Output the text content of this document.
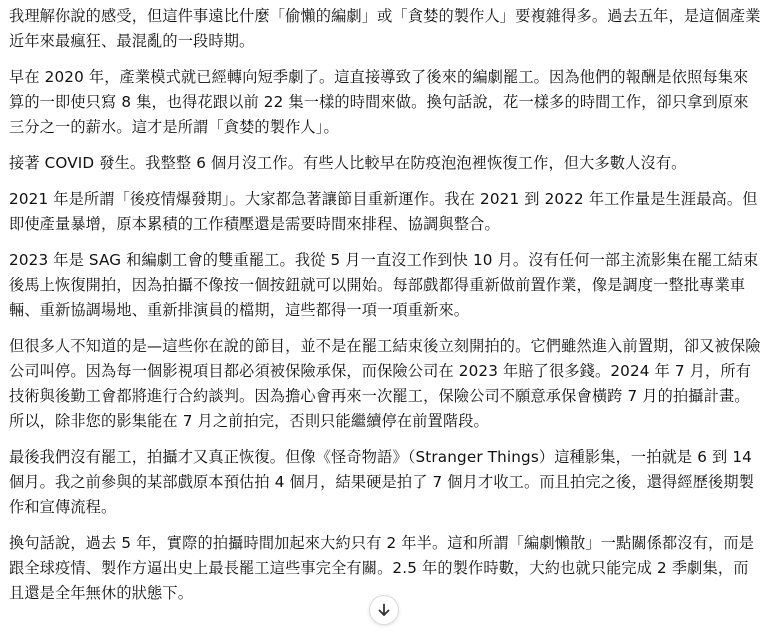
我理解你說的感受，但這件事遠比什麼「偷懶的編劇」或「貪婪的製作人」要複雜得多。過去五年，是這個產業近年來最瘋狂、最混亂的一段時期。

早在 2020 年，產業模式就已經轉向短季劇了。這直接導致了後來的編劇罷工。因為他們的報酬是依照每集來算的一即使只寫 8 集，也得花跟以前 22 集一樣的時間來做。換句話說，花一樣多的時間工作，卻只拿到原來三分之一的薪水。這才是所謂「貪婪的製作人」。

接著 COVID 發生。我整整 6 個月沒工作。有些人比較早在防疫泡泡裡恢復工作，但大多數人沒有。

2021 年是所謂「後疫情爆發期」。大家都急著讓節目重新運作。我在 2021 到 2022 年工作量是生涯最高。但即使產量暴增，原本累積的工作積壓還是需要時間來排程、協調與整合。

2023 年是 SAG 和編劇工會的雙重罷工。我從 5 月一直沒工作到快 10 月。沒有任何一部主流影集在罷工結束後馬上恢復開拍，因為拍攝不像按一個按鈕就可以開始。每部戲都得重新做前置作業，像是調度一整批專業車輛、重新協調場地、重新排演員的檔期，這些都得一項一項重新來。

但很多人不知道的是—這些你在說的節目，並不是在罷工結束後立刻開拍的。它們雖然進入前置期，卻又被保險公司叫停。因為每一個影視項目都必須被保險承保，而保險公司在 2023 年賠了很多錢。2024 年 7 月，所有技術與後勤工會都將進行合約談判。因為擔心會再來一次罷工，保險公司不願意承保會橫跨 7 月的拍攝計畫。所以，除非您的影集能在 7 月之前拍完，否則只能繼續停在前置階段。

最後我們沒有罷工，拍攝才又真正恢復。但像《怪奇物語》（Stranger Things）這種影集，一拍就是 6 到 14 個月。我之前參與的某部戲原本預估拍 4 個月，結果硬是拍了 7 個月才收工。而且拍完之後，還得經歷後期製作和宣傳流程。

換句話說，過去 5 年，實際的拍攝時間加起來大約只有 2 年半。這和所謂「編劇懶散」一點關係都沒有，而是跟全球疫情、製作方逼出史上最長罷工這些事完全有關。2.5 年的製作時數，大約也就只能完成 2 季劇集，而且還是全年無休的狀態下。
